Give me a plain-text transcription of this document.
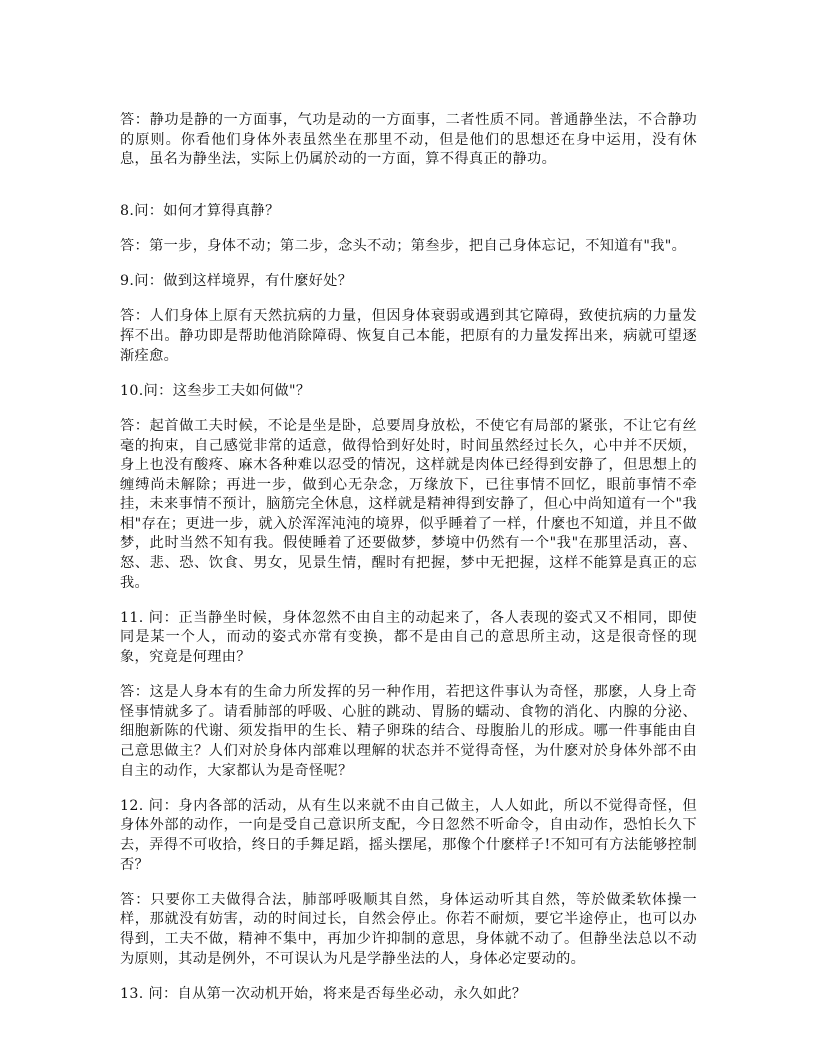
答：静功是静的一方面事，气功是动的一方面事，二者性质不同。普通静坐法，不合静功的原则。你看他们身体外表虽然坐在那里不动，但是他们的思想还在身中运用，没有休息，虽名为静坐法，实际上仍属於动的一方面，算不得真正的静功。

8.问：如何才算得真静？

答：第一步，身体不动；第二步，念头不动；第叁步，把自己身体忘记，不知道有"我"。

9.问：做到这样境界，有什麼好处？

答：人们身体上原有天然抗病的力量，但因身体衰弱或遇到其它障碍，致使抗病的力量发挥不出。静功即是帮助他消除障碍、恢复自己本能，把原有的力量发挥出来，病就可望逐渐痊愈。

10.问：这叁步工夫如何做"？

答：起首做工夫时候，不论是坐是卧，总要周身放松，不使它有局部的紧张，不让它有丝毫的拘束，自己感觉非常的适意，做得恰到好处时，时间虽然经过长久，心中并不厌烦，身上也没有酸疼、麻木各种难以忍受的情况，这样就是肉体已经得到安静了，但思想上的缠缚尚未解除；再进一步，做到心无杂念，万缘放下，已往事情不回忆，眼前事情不牵挂，未来事情不预计，脑筋完全休息，这样就是精神得到安静了，但心中尚知道有一个"我相"存在；更进一步，就入於浑浑沌沌的境界，似乎睡着了一样，什麼也不知道，并且不做梦，此时当然不知有我。假使睡着了还要做梦，梦境中仍然有一个"我"在那里活动，喜、怒、悲、恐、饮食、男女，见景生情，醒时有把握，梦中无把握，这样不能算是真正的忘我。

11. 问：正当静坐时候，身体忽然不由自主的动起来了，各人表现的姿式又不相同，即使同是某一个人，而动的姿式亦常有变换，都不是由自己的意思所主动，这是很奇怪的现象，究竟是何理由？

答：这是人身本有的生命力所发挥的另一种作用，若把这件事认为奇怪，那麽，人身上奇怪事情就多了。请看肺部的呼吸、心脏的跳动、胃肠的蠕动、食物的消化、内腺的分泌、细胞新陈的代谢、须发指甲的生长、精子卵珠的结合、母腹胎儿的形成。哪一件事能由自己意思做主？人们对於身体内部难以理解的状态并不觉得奇怪，为什麽对於身体外部不由自主的动作，大家都认为是奇怪呢？

12. 问：身内各部的活动，从有生以来就不由自己做主，人人如此，所以不觉得奇怪，但身体外部的动作，一向是受自己意识所支配，今日忽然不听命令，自由动作，恐怕长久下去，弄得不可收拾，终日的手舞足蹈，摇头摆尾，那像个什麽样子!不知可有方法能够控制否？

答：只要你工夫做得合法，肺部呼吸顺其自然，身体运动听其自然，等於做柔软体操一样，那就没有妨害，动的时间过长，自然会停止。你若不耐烦，要它半途停止，也可以办得到，工夫不做，精神不集中，再加少许抑制的意思，身体就不动了。但静坐法总以不动为原则，其动是例外，不可误认为凡是学静坐法的人，身体必定要动的。

13. 问：自从第一次动机开始，将来是否每坐必动，永久如此？
